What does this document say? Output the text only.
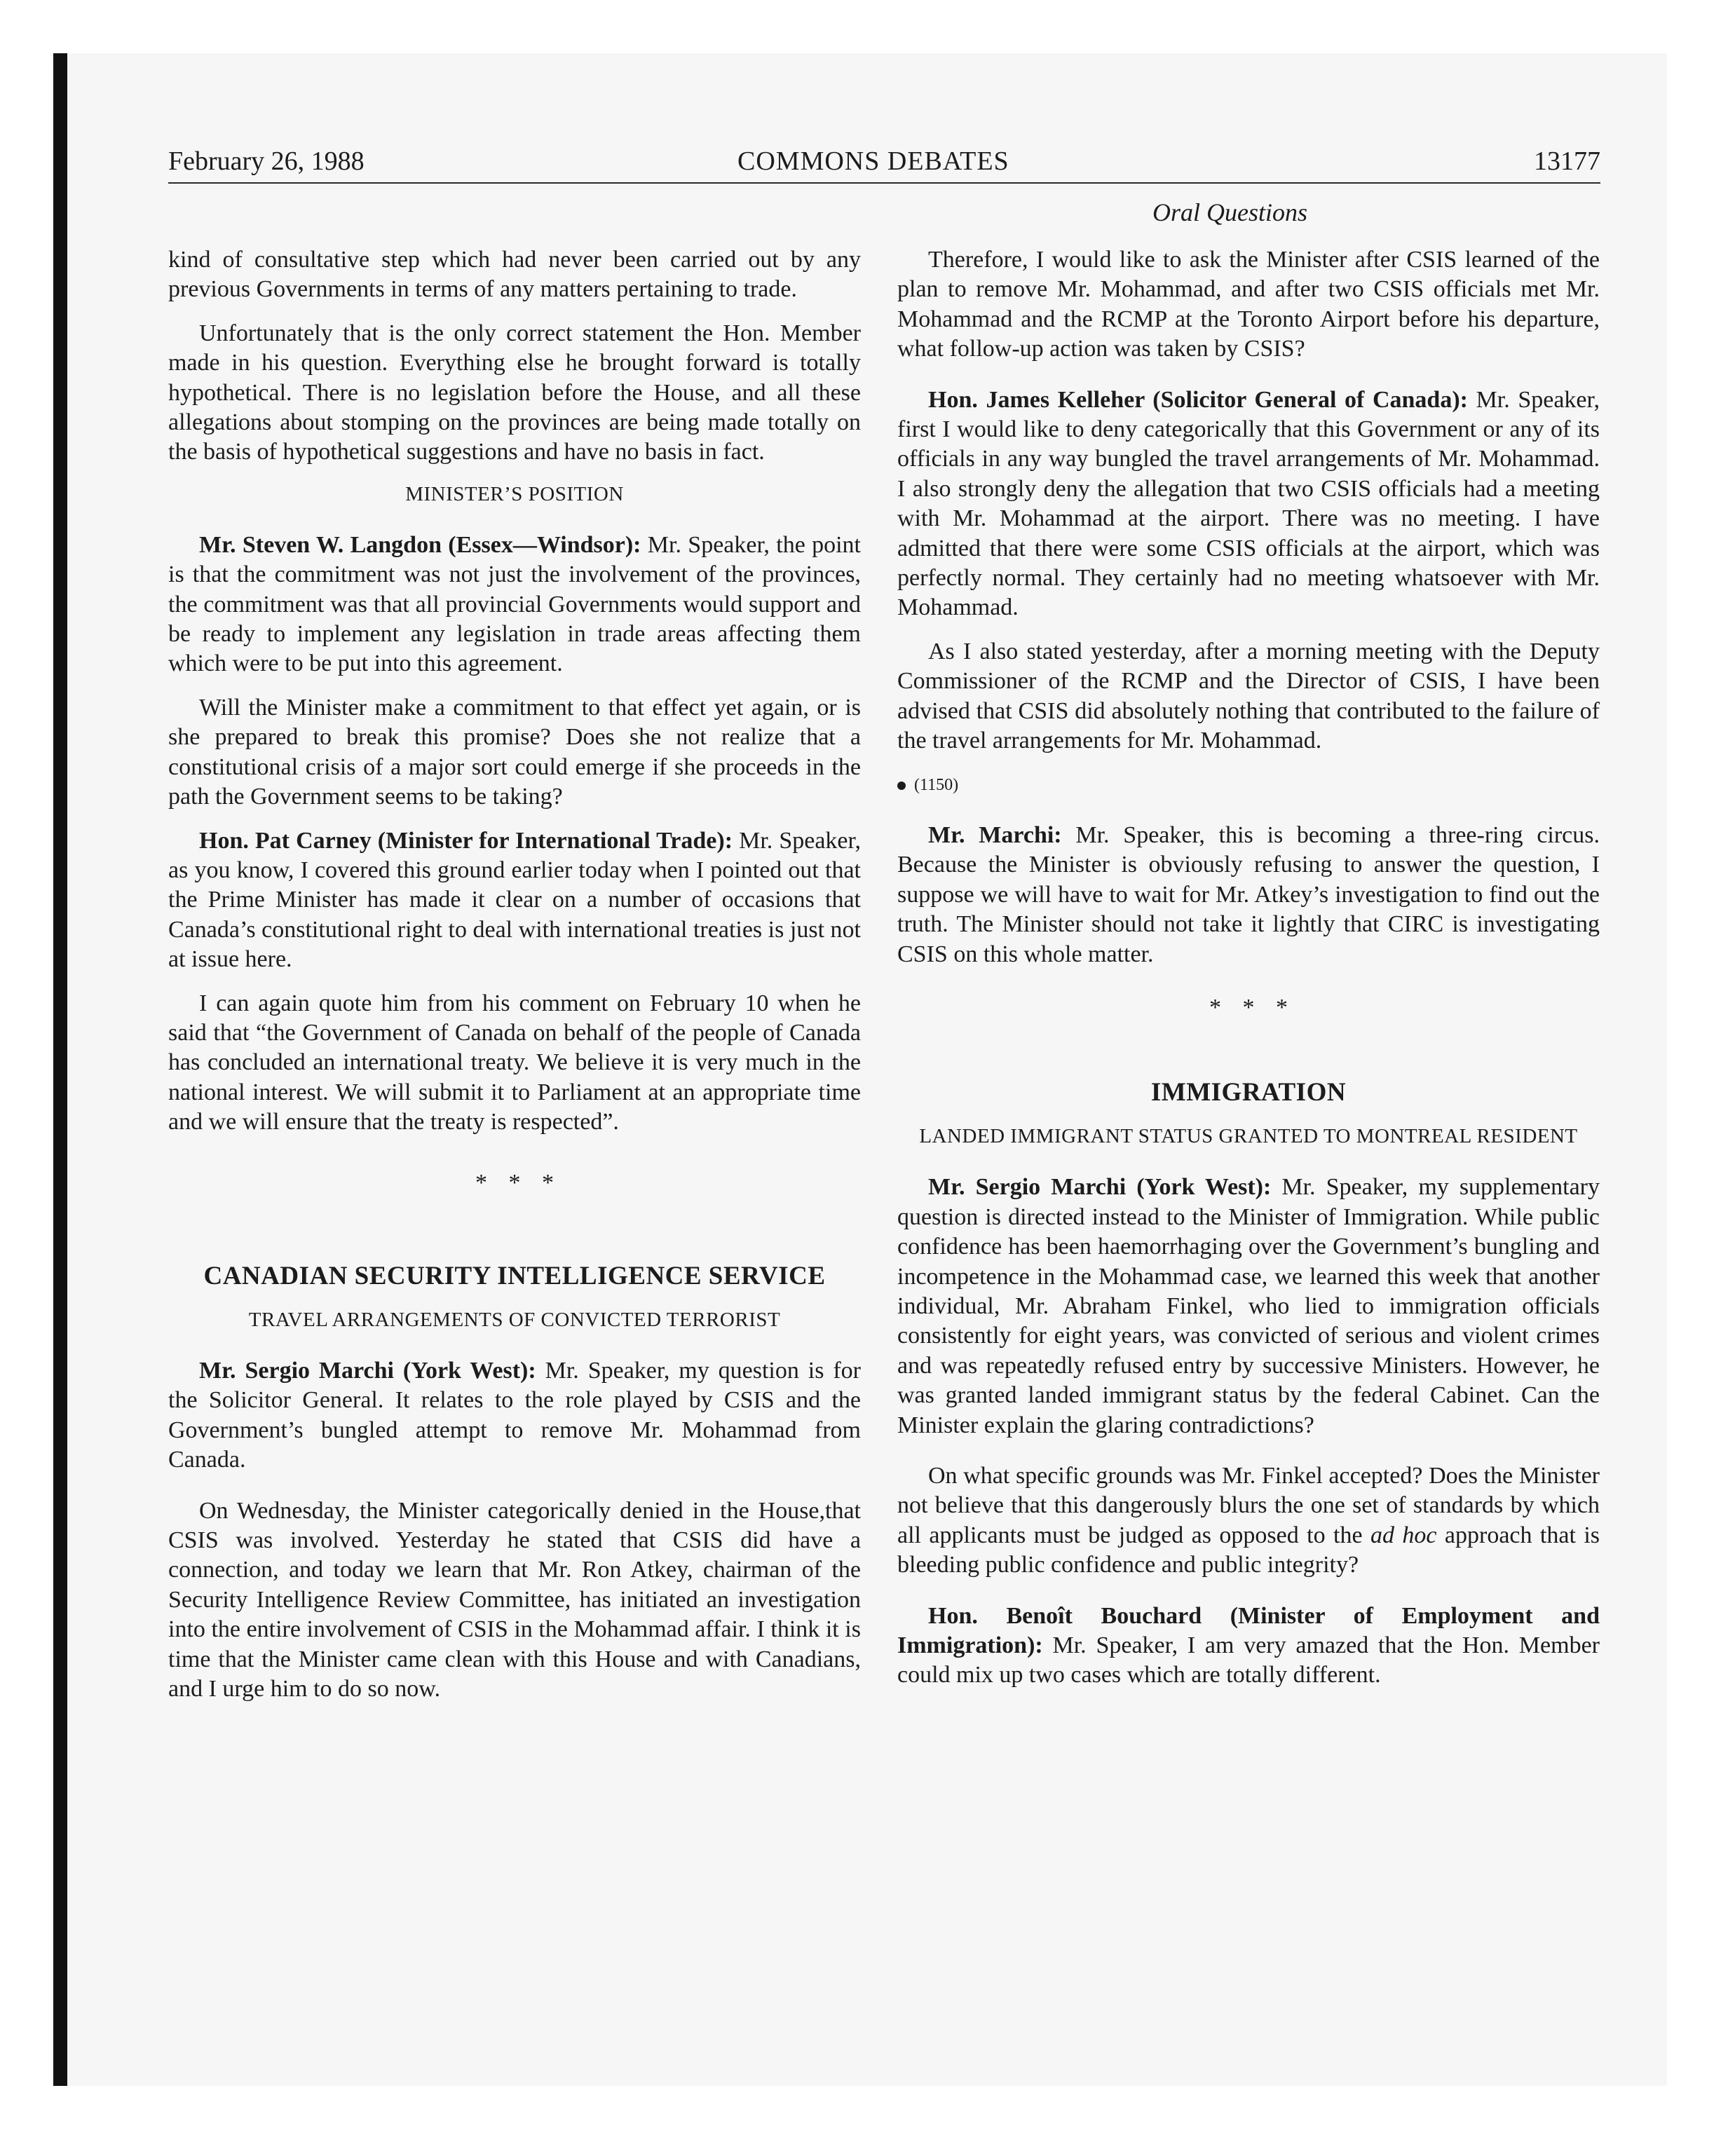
February 26, 1988	COMMONS DEBATES	13177
Oral Questions

kind of consultative step which had never been carried out by any previous Governments in terms of any matters pertaining to trade.

Unfortunately that is the only correct statement the Hon. Member made in his question. Everything else he brought forward is totally hypothetical. There is no legislation before the House, and all these allegations about stomping on the provinces are being made totally on the basis of hypothetical suggestions and have no basis in fact.

MINISTER’S POSITION

Mr. Steven W. Langdon (Essex—Windsor): Mr. Speaker, the point is that the commitment was not just the involvement of the provinces, the commitment was that all provincial Governments would support and be ready to implement any legislation in trade areas affecting them which were to be put into this agreement.

Will the Minister make a commitment to that effect yet again, or is she prepared to break this promise? Does she not realize that a constitutional crisis of a major sort could emerge if she proceeds in the path the Government seems to be taking?

Hon. Pat Carney (Minister for International Trade): Mr. Speaker, as you know, I covered this ground earlier today when I pointed out that the Prime Minister has made it clear on a number of occasions that Canada’s constitutional right to deal with international treaties is just not at issue here.

I can again quote him from his comment on February 10 when he said that “the Government of Canada on behalf of the people of Canada has concluded an international treaty. We believe it is very much in the national interest. We will submit it to Parliament at an appropriate time and we will ensure that the treaty is respected”.

* * *
CANADIAN SECURITY INTELLIGENCE SERVICE
TRAVEL ARRANGEMENTS OF CONVICTED TERRORIST

Mr. Sergio Marchi (York West): Mr. Speaker, my question is for the Solicitor General. It relates to the role played by CSIS and the Government’s bungled attempt to remove Mr. Mohammad from Canada.

On Wednesday, the Minister categorically denied in the House,that CSIS was involved. Yesterday he stated that CSIS did have a connection, and today we learn that Mr. Ron Atkey, chairman of the Security Intelligence Review Committee, has initiated an investigation into the entire involvement of CSIS in the Mohammad affair. I think it is time that the Minister came clean with this House and with Canadians, and I urge him to do so now.

Therefore, I would like to ask the Minister after CSIS learned of the plan to remove Mr. Mohammad, and after two CSIS officials met Mr. Mohammad and the RCMP at the Toronto Airport before his departure, what follow-up action was taken by CSIS?

Hon. James Kelleher (Solicitor General of Canada): Mr. Speaker, first I would like to deny categorically that this Government or any of its officials in any way bungled the travel arrangements of Mr. Mohammad. I also strongly deny the allegation that two CSIS officials had a meeting with Mr. Mohammad at the airport. There was no meeting. I have admitted that there were some CSIS officials at the airport, which was perfectly normal. They certainly had no meeting whatsoever with Mr. Mohammad.

As I also stated yesterday, after a morning meeting with the Deputy Commissioner of the RCMP and the Director of CSIS, I have been advised that CSIS did absolutely nothing that contributed to the failure of the travel arrangements for Mr. Mohammad.

(1150)

Mr. Marchi: Mr. Speaker, this is becoming a three-ring circus. Because the Minister is obviously refusing to answer the question, I suppose we will have to wait for Mr. Atkey’s investigation to find out the truth. The Minister should not take it lightly that CIRC is investigating CSIS on this whole matter.

* * *
IMMIGRATION
LANDED IMMIGRANT STATUS GRANTED TO MONTREAL RESIDENT

Mr. Sergio Marchi (York West): Mr. Speaker, my supplementary question is directed instead to the Minister of Immigration. While public confidence has been haemorrhaging over the Government’s bungling and incompetence in the Mohammad case, we learned this week that another individual, Mr. Abraham Finkel, who lied to immigration officials consistently for eight years, was convicted of serious and violent crimes and was repeatedly refused entry by successive Ministers. However, he was granted landed immigrant status by the federal Cabinet. Can the Minister explain the glaring contradictions?

On what specific grounds was Mr. Finkel accepted? Does the Minister not believe that this dangerously blurs the one set of standards by which all applicants must be judged as opposed to the ad hoc approach that is bleeding public confidence and public integrity?

Hon. Benoît Bouchard (Minister of Employment and Immigration): Mr. Speaker, I am very amazed that the Hon. Member could mix up two cases which are totally different.
